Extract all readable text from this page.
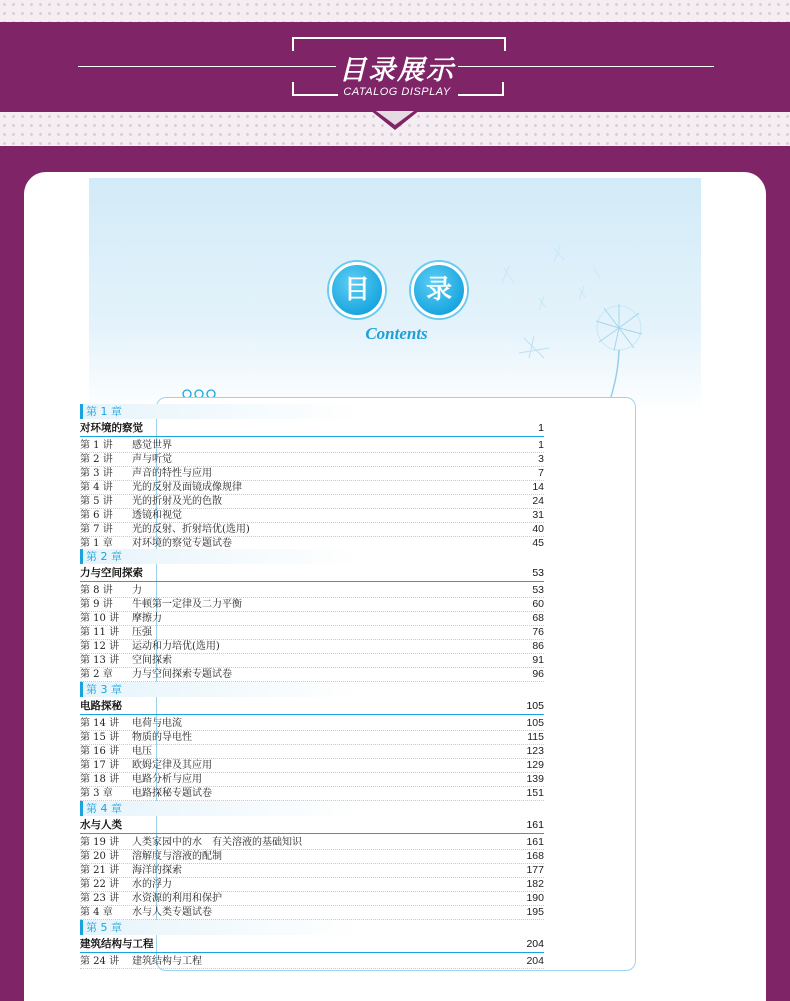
目录展示
CATALOG DISPLAY
目	录
Contents
第 1 章
对环境的察觉	1
第 1 讲	感觉世界	1
第 2 讲	声与听觉	3
第 3 讲	声音的特性与应用	7
第 4 讲	光的反射及面镜成像规律	14
第 5 讲	光的折射及光的色散	24
第 6 讲	透镜和视觉	31
第 7 讲	光的反射、折射培优(选用)	40
第 1 章	对环境的察觉专题试卷	45
第 2 章
力与空间探索	53
第 8 讲	力	53
第 9 讲	牛顿第一定律及二力平衡	60
第 10 讲	摩擦力	68
第 11 讲	压强	76
第 12 讲	运动和力培优(选用)	86
第 13 讲	空间探索	91
第 2 章	力与空间探索专题试卷	96
第 3 章
电路探秘	105
第 14 讲	电荷与电流	105
第 15 讲	物质的导电性	115
第 16 讲	电压	123
第 17 讲	欧姆定律及其应用	129
第 18 讲	电路分析与应用	139
第 3 章	电路探秘专题试卷	151
第 4 章
水与人类	161
第 19 讲	人类家园中的水　有关溶液的基础知识	161
第 20 讲	溶解度与溶液的配制	168
第 21 讲	海洋的探索	177
第 22 讲	水的浮力	182
第 23 讲	水资源的利用和保护	190
第 4 章	水与人类专题试卷	195
第 5 章
建筑结构与工程	204
第 24 讲	建筑结构与工程	204
